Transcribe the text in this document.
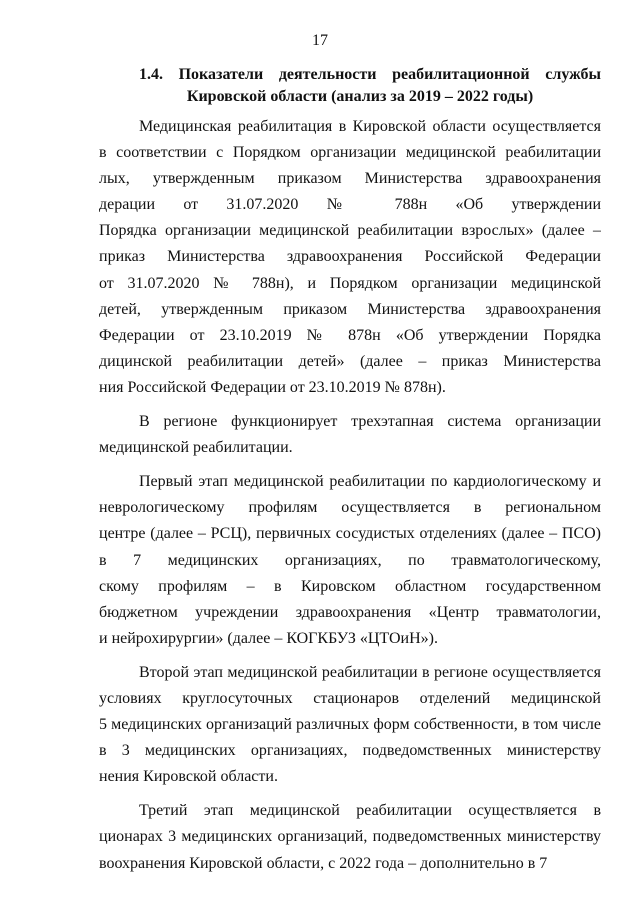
17
1.4. Показатели деятельности реабилитационной службы
Кировской области (анализ за 2019 – 2022 годы)
Медицинская реабилитация в Кировской области осуществляется
в соответствии с Порядком организации медицинской реабилитации
лых, утвержденным приказом Министерства здравоохранения
дерации от 31.07.2020 № 788н «Об утверждении
Порядка организации медицинской реабилитации взрослых» (далее –
приказ Министерства здравоохранения Российской Федерации
от 31.07.2020 № 788н), и Порядком организации медицинской
детей, утвержденным приказом Министерства здравоохранения
Федерации от 23.10.2019 № 878н «Об утверждении Порядка
дицинской реабилитации детей» (далее – приказ Министерства
ния Российской Федерации от 23.10.2019 № 878н).
В регионе функционирует трехэтапная система организации
медицинской реабилитации.
Первый этап медицинской реабилитации по кардиологическому и
неврологическому профилям осуществляется в региональном
центре (далее – РСЦ), первичных сосудистых отделениях (далее – ПСО)
в 7 медицинских организациях, по травматологическому,
скому профилям – в Кировском областном государственном
бюджетном учреждении здравоохранения «Центр травматологии,
и нейрохирургии» (далее – КОГКБУЗ «ЦТОиН»).
Второй этап медицинской реабилитации в регионе осуществляется
условиях круглосуточных стационаров отделений медицинской
5 медицинских организаций различных форм собственности, в том числе
в 3 медицинских организациях, подведомственных министерству
нения Кировской области.
Третий этап медицинской реабилитации осуществляется в
ционарах 3 медицинских организаций, подведомственных министерству
воохранения Кировской области, с 2022 года – дополнительно в 7
